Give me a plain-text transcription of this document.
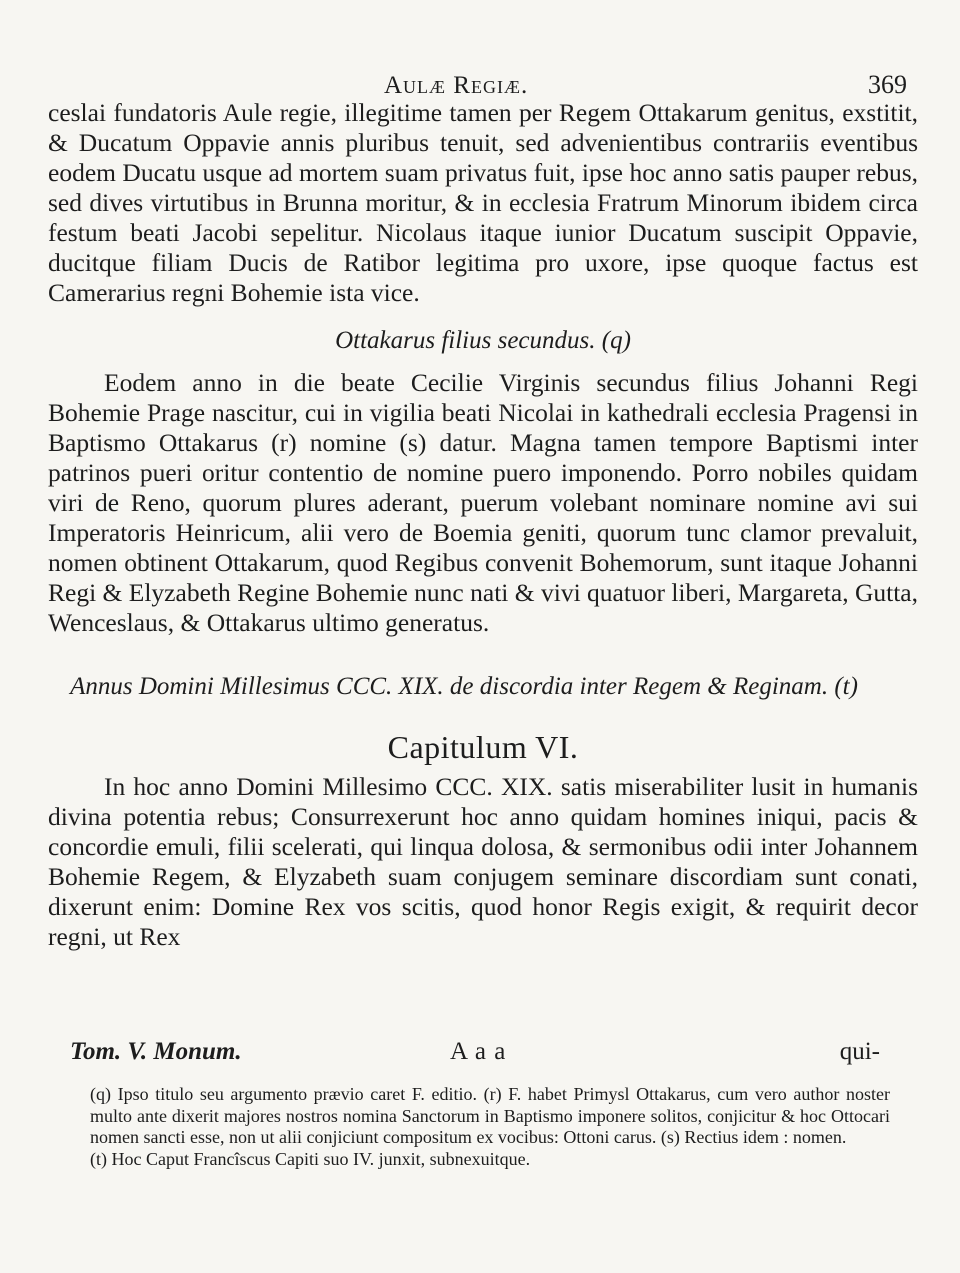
Aulæ Regiæ.	369

ceslai fundatoris Aule regie, illegitime tamen per Regem Ottakarum genitus, exstitit, & Ducatum Oppavie annis pluribus tenuit, sed advenientibus contrariis eventibus eodem Ducatu usque ad mortem suam privatus fuit, ipse hoc anno satis pauper rebus, sed dives virtutibus in Brunna moritur, & in ecclesia Fratrum Minorum ibidem circa festum beati Jacobi sepelitur. Nicolaus itaque iunior Ducatum suscipit Oppavie, ducitque filiam Ducis de Ratibor legitima pro uxore, ipse quoque factus est Camerarius regni Bohemie ista vice.

Ottakarus filius secundus. (q)

Eodem anno in die beate Cecilie Virginis secundus filius Johanni Regi Bohemie Prage nascitur, cui in vigilia beati Nicolai in kathedrali ecclesia Pragensi in Baptismo Ottakarus (r) nomine (s) datur. Magna tamen tempore Baptismi inter patrinos pueri oritur contentio de nomine puero imponendo. Porro nobiles quidam viri de Reno, quorum plures aderant, puerum volebant nominare nomine avi sui Imperatoris Heinricum, alii vero de Boemia geniti, quorum tunc clamor prevaluit, nomen obtinent Ottakarum, quod Regibus convenit Bohemorum, sunt itaque Johanni Regi & Elyzabeth Regine Bohemie nunc nati & vivi quatuor liberi, Margareta, Gutta, Wenceslaus, & Ottakarus ultimo generatus.

Annus Domini Millesimus CCC. XIX. de discordia inter Regem & Reginam. (t)
Capitulum VI.

In hoc anno Domini Millesimo CCC. XIX. satis miserabiliter lusit in humanis divina potentia rebus; Consurrexerunt hoc anno quidam homines iniqui, pacis & concordie emuli, filii scelerati, qui linqua dolosa, & sermonibus odii inter Johannem Bohemie Regem, & Elyzabeth suam conjugem seminare discordiam sunt conati, dixerunt enim: Domine Rex vos scitis, quod honor Regis exigit, & requirit decor regni, ut Rex

Tom. V. Monum.	A a a	qui-

(q) Ipso titulo seu argumento prævio caret F. editio. (r) F. habet Primysl Ottakarus, cum vero author noster multo ante dixerit majores nostros nomina Sanctorum in Baptismo imponere solitos, conjicitur & hoc Ottocari nomen sancti esse, non ut alii conjiciunt compositum ex vocibus: Ottoni carus. (s) Rectius idem : nomen.

(t) Hoc Caput Francîscus Capiti suo IV. junxit, subnexuitque.
